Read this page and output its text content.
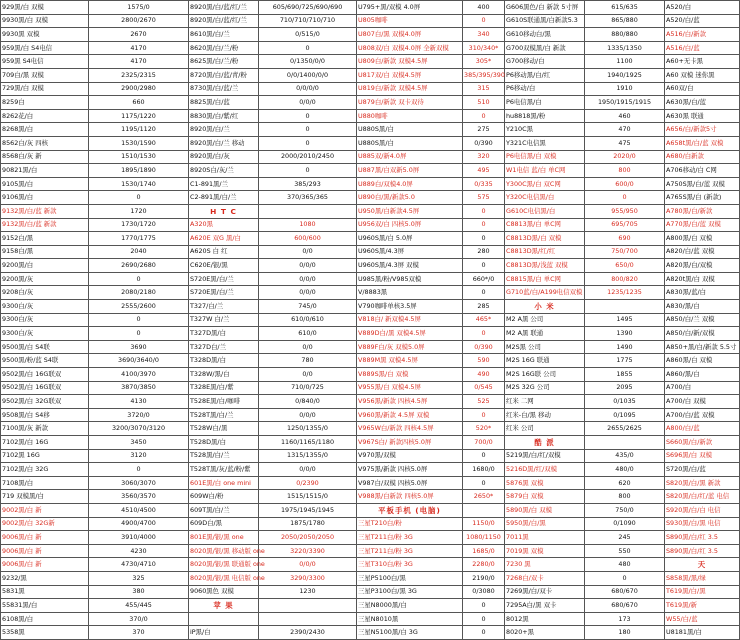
929黑/白 双模	1575/0	8920黑/白/蓝/红/兰	605/690/725/690/690	U795+黑/双模 4.0屏	400	G606黑色/白 新款 5寸屏	615/635	A520/白
9930黑/白 双模	2800/2670	8920黑/白/蓝/红/兰	710/710/710/710	U805咖啡	0	G610S联通黑/白新款5.3	865/880	A520/白/蓝
9930黑 双模	2670	8610黑/白/兰	0/515/0	U807白/黑 双模4.0屏	340	G610移动白/黑	880/880	A516/白/新款
959黑/白 S4电信	4170	8620黑/白/兰/粉	0	U808双/白 双模4.0屏 全新双模	310/340*	G700双模黑/白 新款	1335/1350	A516/白/蓝
959黑 S4电信	4170	8625黑/白/兰/粉	0/1350/0/0	U809白/新款 双模4.5屏	305*	G700移动/白	1100	A60+无卡黑
709白/黑 双模	2325/2315	8720黑/白/蓝/青/粉	0/0/1400/0/0	U817双/白 双模4.5屏	385/395/390	P6移动黑/白/红	1940/1925	A60 双模 迷你黑
729黑/白 双模	2900/2980	8730黑/白/蓝/兰	0/0/0/0	U819白/新款 双模4.5屏	315	P6移动/白	1910	A60双/白
8259白	660	8825黑/白/蓝	0/0/0	U879白/新款 双卡双待	510	P6电信黑/白	1950/1915/1915	A630黑/白/蓝
8262花/白	1175/1220	8830黑/白/紫/红	0	U880咖啡	0	hu8818黑/粉	460	A630黑 联通
8268黑/白	1195/1120	8920黑/白/兰	0	U880S黑/白	275	Y210C黑	470	A656/白/新款5寸
8562白/灰 四核	1530/1590	8920黑/白/兰 移动	0	U880S黑/白	0/390	Y321C电信黑	475	A658t黑/白/蓝 双模
8568白/灰 新	1510/1530	8920黑/白/灰	2000/2010/2450	U885双/新4.0屏	320	P6电信黑/白 双模	2020/0	A680/白新款
90821黑/白	1895/1890	8920S白/灰/兰	0	U887黑/白双新5.0屏	495	W1电信 蓝/白 单C网	800	A706移动/白 C网
9105黑/白	1530/1740	C1-891黑/兰	385/293	U889白/双模4.0屏	0/335	Y300C黑/白 双C网	600/0	A750S黑/白/蓝 双模
9106黑/白	0	C2-891黑/白/兰	370/365/365	U890白/黑/新款5.0	575	Y320C电信黑/白	0	A765S黑/白 (新款)
9132黑/白/蓝 新款	1720	H T C		U950黑/白新款4.5屏	0	G610C电信黑/白	955/950	A780黑/白/新款
9132黑/白/蓝 新款	1730/1720	A320黑	1080	U956双/白 四核5.0屏	0	C8813黑/白 单C网	695/705	A770黑/白/蓝 双模
9152白/黑	1770/1775	A620E 双G 黑/白	600/600	U960S黑/白 5.0屏	0	C8813D黑/白 双模	690	A800黑/白 双模
9158白/黑	2040	A620S 白 红	0/0	U960S黑/4.3屏	280	C8813D黑/红/红	750/700	A820/白/蓝 双模
9200黑/白	2690/2680	C620E/银/黑	0/0/0	U960S黑/4.3屏 双模	0	C8813D黑/浅蓝 双模	650/0	A820黑/白/双模
9200黑/灰	0	S720E黑/白/兰	0/0/0	U985黑/粉/V985双模	660*/0	C8815黑/白 单C网	800/820	A820t黑/白 双模
9208白/灰	2080/2180	S720E黑/白/兰	0/0/0	V/8883黑	0	G710蓝/白/A199电信双模	1235/1235	A830黑/蓝/白
9300白/灰	2555/2600	T327/白/兰	745/0	V790咖啡单核3.5屏	285	小 米		A830/黑/白
9300白/灰	0	T327W 白/兰	610/0/610	V818白/ 新双模4.5屏	465*	M2 A黑 公司	1495	A850/白/兰 双模
9300白/灰	0	T327D黑/白	610/0	V889D白/黑 双模4.5屏	0	M2 A黑 联通	1390	A850/白/新/双模
9500黑/白 S4联	3690	T327D白/兰	0/0	V889F白/灰 双模5.0屏	0/390	M2S黑 公司	1490	A850+黑/白/新款 5.5寸
9500黑/粉/蓝 S4联	3690/3640/0	T328D黑/白	780	V889M黑 双模4.5屏	590	M2S 16G 联通	1775	A860黑/白 双模
9502黑/白 16G联双	4100/3970	T328W/黑/白	0/0	V889S黑/白 双模	490	M2S 16G联 公司	1855	A860/黑/白
9502黑/白 16G联双	3870/3850	T328E黑/白/紫	710/0/725	V955黑/白 双模4.5屏	0/545	M2S 32G 公司	2095	A700/白
9502黑/白 32G联双	4130	T528E黑/白/咖啡	0/840/0	V956黑/新款 四核4.5屏	525	红米 二网	0/1035	A700/白 双模
9508黑/白 S4移	3720/0	T528T黑/白/兰	0/0/0	V960黑/新款 4.5屏 双模	0	红米-白/黑 移动	0/1095	A700/白/蓝 双模
7100黑/灰 新款	3200/3070/3120	T528W白/黑	1250/1355/0	V965W白/新款 四核4.5屏	520*	红米 公司	2655/2625	A800/白/蓝
7102黑/白 16G	3450	T528D黑/白	1160/1165/1180	V967S白/ 新款四核5.0屏	700/0	酷 派		S660黑/白/新款
7102黑 16G	3120	T528黑/白/兰	1315/1355/0	V970黑/双模	0	5219黑/白/红/双模	435/0	S696黑/白 双模
7102黑/白 32G	0	T528T黑/灰/蓝/粉/紫	0/0/0	V975黑/新款 四核5.0屏	1680/0	5216D黑/红/双模	480/0	S720黑/白/蓝
7108黑/白	3060/3070	601E黑/白 one mini	0/2390	V987白/双模 四核5.0屏	0	5876黑 双模	620	S820黑/白/黑 新款
719 双模黑/白	3560/3570	609W白/粉	1515/1515/0	V988黑/白新款 四核5.0屏	2650*	5879白 双模	800	S820黑/白/红/蓝 电信
9002黑/白 新	4510/4500	609T黑/白/兰	1975/1945/1945	平板手机 (电脑)		5890黑/白 双模	750/0	S920黑/白/白 电信
9002黑/白 32G新	4900/4700	609D白/黑	1875/1780	三星T210白/粉	1150/0	5950黑/白/黑	0/1090	S930黑/白/黑 电信
9006黑/白 新	3910/4000	801E黑/银/黑 one	2050/2050/2050	三星T211白/粉 3G	1080/1150	7011黑	245	S890黑/白/红 3.5
9006黑/白 新	4230	8020黑/银/黑 移动版 one	3220/3390	三星T211白/粉 3G	1685/0	7019黑 双模	550	S890黑/白/红 3.5
9006黑/白 新	4730/4710	8020黑/银/黑 联通版 one	0/0/0	三星T310白/粉 3G	2280/0	7230 黑	480	天
9232/黑	325	8020黑/银/黑 电信版 one	3290/3300	三星P5100白/黑	2190/0	7268白/双卡	0	S858黑/黑/绿
5831黑	380	9060黑色 双模	1230	三星P3100白/黑 3G	0/3080	7269黑/白/双卡	680/670	T619黑/白/黑
55831黑/白	455/445	苹 果		三星N8000黑/白	0	7295A白/黑 双卡	680/670	T619黑/新
6108黑/白	370/0			三星N8010黑	0	8012黑	173	W55/白/蓝
5358黑	370	iP黑/白	2390/2430	三星N5100黑/白 3G	0	8020+黑	180	U8181黑/白
